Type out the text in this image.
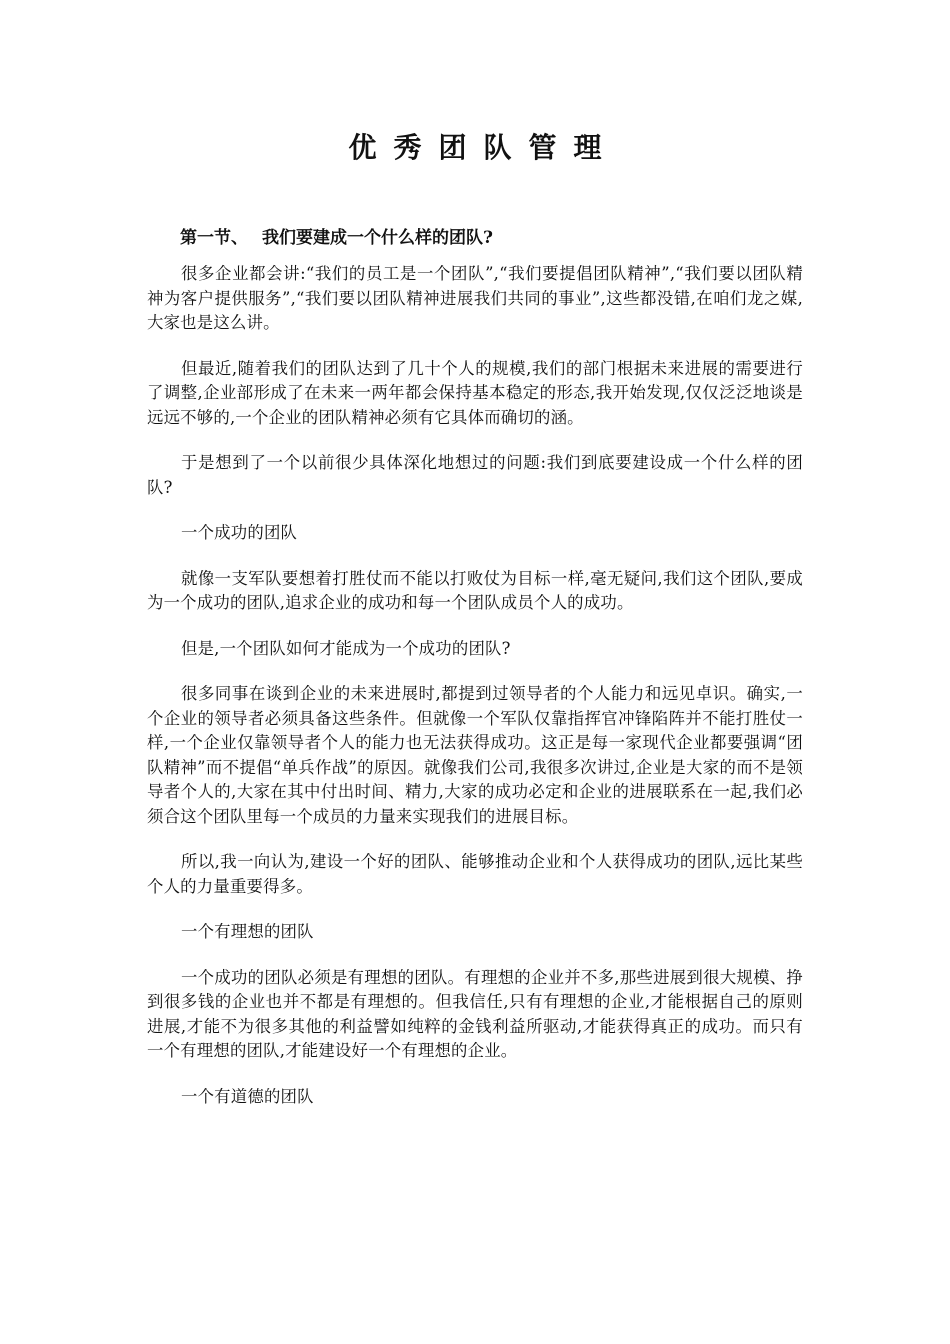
优秀团队管理
第一节、 我们要建成一个什么样的团队?

很多企业都会讲:“我们的员工是一个团队”,“我们要提倡团队精神”,“我们要以团队精神为客户提供服务”,“我们要以团队精神进展我们共同的事业”,这些都没错,在咱们龙之媒,大家也是这么讲。

但最近,随着我们的团队达到了几十个人的规模,我们的部门根据未来进展的需要进行了调整,企业部形成了在未来一两年都会保持基本稳定的形态,我开始发现,仅仅泛泛地谈是远远不够的,一个企业的团队精神必须有它具体而确切的涵。

于是想到了一个以前很少具体深化地想过的问题:我们到底要建设成一个什么样的团队?

一个成功的团队

就像一支军队要想着打胜仗而不能以打败仗为目标一样,毫无疑问,我们这个团队,要成为一个成功的团队,追求企业的成功和每一个团队成员个人的成功。

但是,一个团队如何才能成为一个成功的团队?

很多同事在谈到企业的未来进展时,都提到过领导者的个人能力和远见卓识。确实,一个企业的领导者必须具备这些条件。但就像一个军队仅靠指挥官冲锋陷阵并不能打胜仗一样,一个企业仅靠领导者个人的能力也无法获得成功。这正是每一家现代企业都要强调“团队精神”而不提倡“单兵作战”的原因。就像我们公司,我很多次讲过,企业是大家的而不是领导者个人的,大家在其中付出时间、精力,大家的成功必定和企业的进展联系在一起,我们必须合这个团队里每一个成员的力量来实现我们的进展目标。

所以,我一向认为,建设一个好的团队、能够推动企业和个人获得成功的团队,远比某些个人的力量重要得多。

一个有理想的团队

一个成功的团队必须是有理想的团队。有理想的企业并不多,那些进展到很大规模、挣到很多钱的企业也并不都是有理想的。但我信任,只有有理想的企业,才能根据自己的原则进展,才能不为很多其他的利益譬如纯粹的金钱利益所驱动,才能获得真正的成功。而只有一个有理想的团队,才能建设好一个有理想的企业。

一个有道德的团队
